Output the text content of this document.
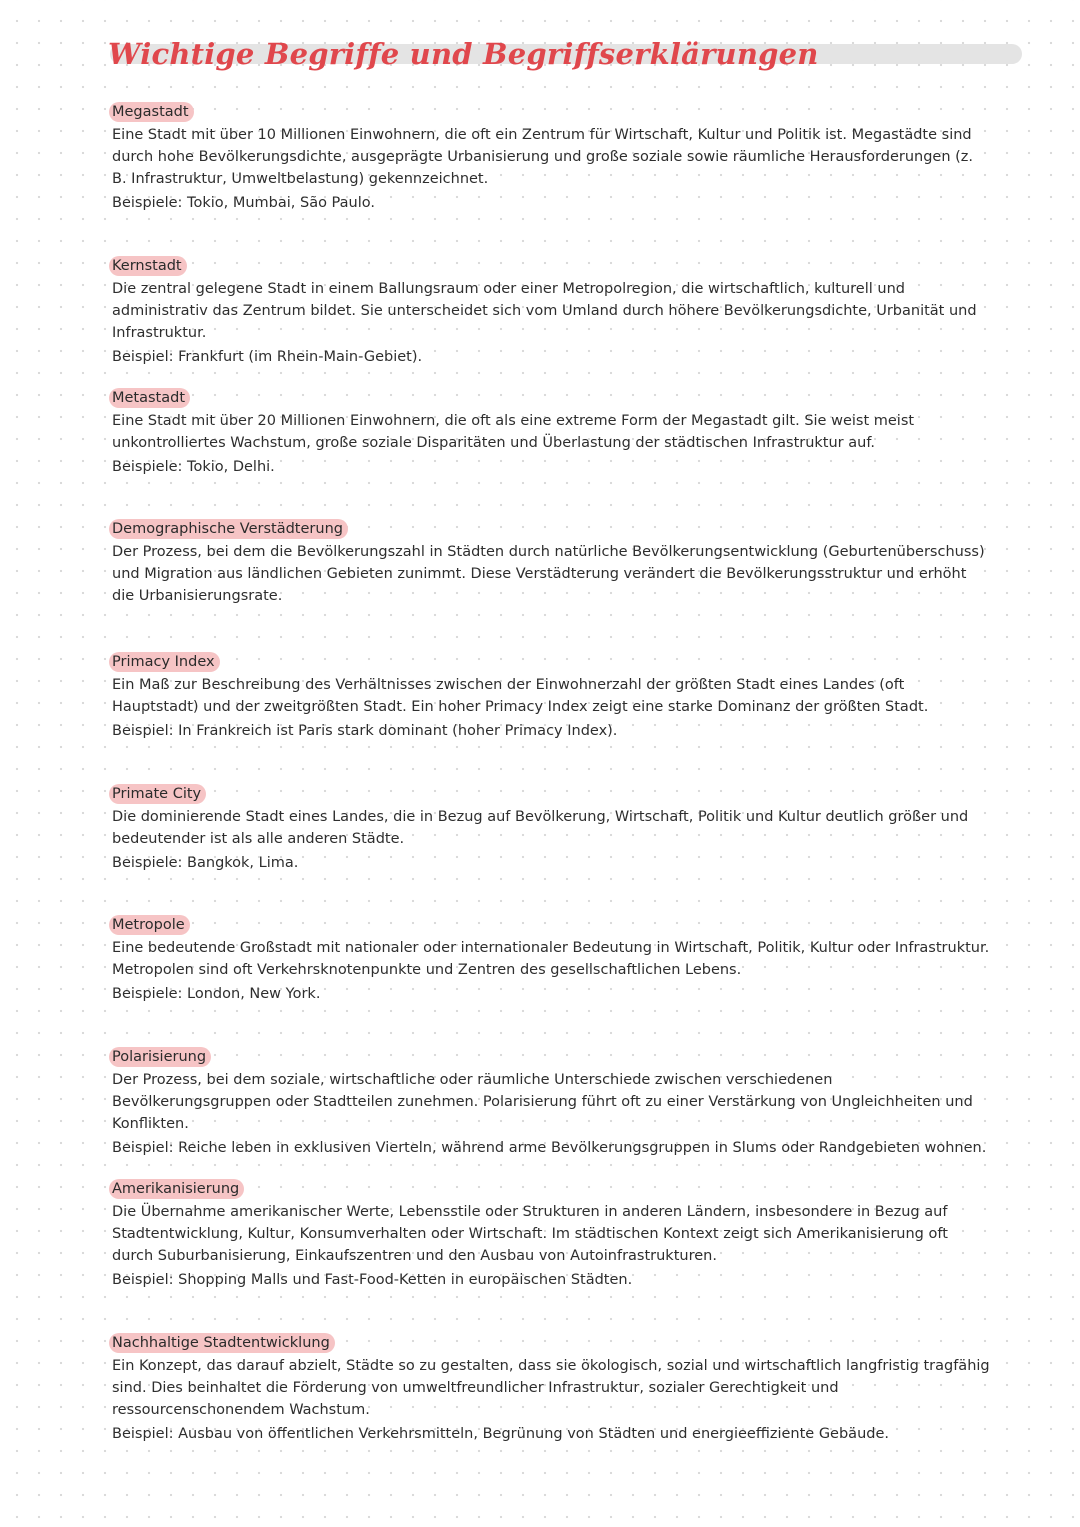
Wichtige Begriffe und Begriffserklärungen
Megastadt

Eine Stadt mit über 10 Millionen Einwohnern, die oft ein Zentrum für Wirtschaft, Kultur und Politik ist. Megastädte sind durch hohe Bevölkerungsdichte, ausgeprägte Urbanisierung und große soziale sowie räumliche Herausforderungen (z. B. Infrastruktur, Umweltbelastung) gekennzeichnet.

Beispiele: Tokio, Mumbai, São Paulo.

Kernstadt

Die zentral gelegene Stadt in einem Ballungsraum oder einer Metropolregion, die wirtschaftlich, kulturell und administrativ das Zentrum bildet. Sie unterscheidet sich vom Umland durch höhere Bevölkerungsdichte, Urbanität und Infrastruktur.

Beispiel: Frankfurt (im Rhein-Main-Gebiet).

Metastadt

Eine Stadt mit über 20 Millionen Einwohnern, die oft als eine extreme Form der Megastadt gilt. Sie weist meist unkontrolliertes Wachstum, große soziale Disparitäten und Überlastung der städtischen Infrastruktur auf.

Beispiele: Tokio, Delhi.

Demographische Verstädterung

Der Prozess, bei dem die Bevölkerungszahl in Städten durch natürliche Bevölkerungsentwicklung (Geburtenüberschuss) und Migration aus ländlichen Gebieten zunimmt. Diese Verstädterung verändert die Bevölkerungsstruktur und erhöht die Urbanisierungsrate.

Primacy Index

Ein Maß zur Beschreibung des Verhältnisses zwischen der Einwohnerzahl der größten Stadt eines Landes (oft Hauptstadt) und der zweitgrößten Stadt. Ein hoher Primacy Index zeigt eine starke Dominanz der größten Stadt.

Beispiel: In Frankreich ist Paris stark dominant (hoher Primacy Index).

Primate City

Die dominierende Stadt eines Landes, die in Bezug auf Bevölkerung, Wirtschaft, Politik und Kultur deutlich größer und bedeutender ist als alle anderen Städte.

Beispiele: Bangkok, Lima.

Metropole

Eine bedeutende Großstadt mit nationaler oder internationaler Bedeutung in Wirtschaft, Politik, Kultur oder Infrastruktur. Metropolen sind oft Verkehrsknotenpunkte und Zentren des gesellschaftlichen Lebens.

Beispiele: London, New York.

Polarisierung

Der Prozess, bei dem soziale, wirtschaftliche oder räumliche Unterschiede zwischen verschiedenen Bevölkerungsgruppen oder Stadtteilen zunehmen. Polarisierung führt oft zu einer Verstärkung von Ungleichheiten und Konflikten.

Beispiel: Reiche leben in exklusiven Vierteln, während arme Bevölkerungsgruppen in Slums oder Randgebieten wohnen.

Amerikanisierung

Die Übernahme amerikanischer Werte, Lebensstile oder Strukturen in anderen Ländern, insbesondere in Bezug auf Stadtentwicklung, Kultur, Konsumverhalten oder Wirtschaft. Im städtischen Kontext zeigt sich Amerikanisierung oft durch Suburbanisierung, Einkaufszentren und den Ausbau von Autoinfrastrukturen.

Beispiel: Shopping Malls und Fast-Food-Ketten in europäischen Städten.

Nachhaltige Stadtentwicklung

Ein Konzept, das darauf abzielt, Städte so zu gestalten, dass sie ökologisch, sozial und wirtschaftlich langfristig tragfähig sind. Dies beinhaltet die Förderung von umweltfreundlicher Infrastruktur, sozialer Gerechtigkeit und ressourcenschonendem Wachstum.

Beispiel: Ausbau von öffentlichen Verkehrsmitteln, Begrünung von Städten und energieeffiziente Gebäude.
